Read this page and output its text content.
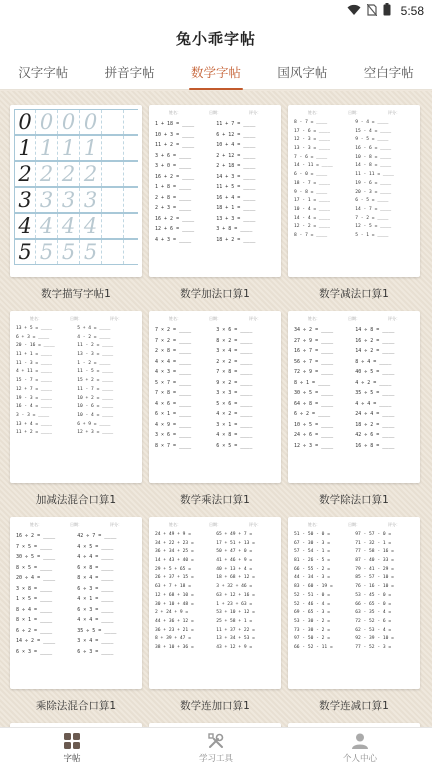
5:58
兔小乖字帖
汉字字帖	拼音字帖	数学字帖	国风字帖	空白字帖
0 0 0 0
1 1 1 1
2 2 2 2
3 3 3 3
4 4 4 4
5 5 5 5
数字描写字帖1
姓名：	日期：	评分：
1 + 18 = ____	11 + 7 = ____
10 + 3 = ____	6 + 12 = ____
11 + 2 = ____	10 + 4 = ____
3 + 6 = ____	2 + 12 = ____
3 + 0 = ____	2 + 18 = ____
16 + 2 = ____	14 + 3 = ____
1 + 8 = ____	11 + 5 = ____
2 + 8 = ____	16 + 4 = ____
2 + 3 = ____	18 + 1 = ____
16 + 2 = ____	13 + 3 = ____
12 + 6 = ____	3 + 8 = ____
4 + 3 = ____	18 + 2 = ____
数学加法口算1
姓名：	日期：	评分：
8 - 7 = ____	9 - 4 = ____
17 - 6 = ____	15 - 4 = ____
12 - 3 = ____	9 - 5 = ____
13 - 3 = ____	16 - 6 = ____
7 - 6 = ____	10 - 8 = ____
14 - 11 = ____	14 - 8 = ____
6 - 0 = ____	11 - 11 = ____
18 - 7 = ____	19 - 6 = ____
9 - 8 = ____	20 - 3 = ____
17 - 1 = ____	6 - 5 = ____
10 - 4 = ____	14 - 7 = ____
14 - 4 = ____	7 - 2 = ____
12 - 2 = ____	12 - 5 = ____
8 - 7 = ____	5 - 1 = ____
数学减法口算1
姓名：	日期：	评分：
13 + 5 = ____	5 + 4 = ____
6 + 3 = ____	4 - 2 = ____
20 - 16 = ____	11 - 2 = ____
11 + 1 = ____	13 - 3 = ____
11 - 3 = ____	1 - 2 = ____
4 + 11 = ____	11 - 5 = ____
15 - 7 = ____	15 + 2 = ____
12 + 7 = ____	11 - 7 = ____
19 - 3 = ____	10 + 2 = ____
16 - 4 = ____	10 - 6 = ____
3 - 3 = ____	10 - 4 = ____
13 + 4 = ____	6 + 9 = ____
11 + 2 = ____	12 + 3 = ____
加减法混合口算1
姓名：	日期：	评分：
7 × 2 = ____	3 × 6 = ____
7 × 2 = ____	8 × 2 = ____
2 × 8 = ____	3 × 4 = ____
4 × 4 = ____	2 × 2 = ____
4 × 3 = ____	7 × 8 = ____
5 × 7 = ____	9 × 2 = ____
7 × 8 = ____	3 × 3 = ____
4 × 6 = ____	5 × 6 = ____
6 × 1 = ____	4 × 2 = ____
4 × 9 = ____	3 × 1 = ____
3 × 6 = ____	4 × 8 = ____
8 × 7 = ____	6 × 5 = ____
数学乘法口算1
姓名：	日期：	评分：
34 ÷ 2 = ____	14 ÷ 8 = ____
27 ÷ 9 = ____	16 ÷ 2 = ____
16 ÷ 7 = ____	14 ÷ 2 = ____
56 ÷ 7 = ____	8 ÷ 4 = ____
72 ÷ 9 = ____	40 ÷ 5 = ____
8 ÷ 1 = ____	4 ÷ 2 = ____
30 ÷ 5 = ____	35 ÷ 5 = ____
64 ÷ 8 = ____	4 ÷ 4 = ____
6 ÷ 2 = ____	24 ÷ 4 = ____
10 ÷ 5 = ____	18 ÷ 2 = ____
24 ÷ 6 = ____	42 ÷ 6 = ____
12 ÷ 3 = ____	16 ÷ 8 = ____
数学除法口算1
姓名：	日期：	评分：
16 ÷ 2 = ____	42 ÷ 7 = ____
7 × 5 = ____	4 × 5 = ____
30 ÷ 5 = ____	4 ÷ 4 = ____
8 × 5 = ____	6 × 8 = ____
20 ÷ 4 = ____	8 × 4 = ____
3 × 8 = ____	6 ÷ 3 = ____
1 × 5 = ____	4 × 1 = ____
8 ÷ 4 = ____	6 × 3 = ____
8 × 1 = ____	4 × 4 = ____
6 ÷ 2 = ____	35 ÷ 5 = ____
14 ÷ 2 = ____	3 × 4 = ____
6 × 3 = ____	6 ÷ 3 = ____
乘除法混合口算1
姓名：	日期：	评分：
24 + 49 + 9 =	65 + 49 + 7 =
34 + 22 + 23 =	17 + 51 + 13 =
36 + 34 + 25 =	50 + 47 + 0 =
14 + 43 + 40 =	41 + 46 + 9 =
29 + 5 + 65 =	40 + 13 + 4 =
26 + 37 + 15 =	18 + 68 + 12 =
63 + 7 + 18 =	3 + 32 + 46 =
12 + 68 + 10 =	63 + 12 + 16 =
30 + 10 + 48 =	1 + 23 + 63 =
2 + 24 + 9 =	53 + 10 + 12 =
44 + 36 + 12 =	25 + 58 + 1 =
36 + 23 + 21 =	11 + 37 + 22 =
8 + 39 + 47 =	13 + 34 + 53 =
38 + 10 + 36 =	43 + 12 + 9 =
数学连加口算1
姓名：	日期：	评分：
51 - 50 - 0 =	97 - 57 - 0 =
67 - 30 - 3 =	71 - 32 - 1 =
57 - 54 - 1 =	77 - 58 - 16 =
81 - 26 - 5 =	87 - 40 - 33 =
66 - 55 - 2 =	79 - 41 - 29 =
44 - 34 - 3 =	85 - 57 - 10 =
83 - 60 - 19 =	76 - 16 - 10 =
52 - 51 - 0 =	53 - 45 - 0 =
52 - 46 - 4 =	66 - 65 - 0 =
69 - 65 - 3 =	63 - 35 - 4 =
53 - 30 - 2 =	72 - 52 - 6 =
73 - 30 - 2 =	62 - 53 - 4 =
97 - 50 - 2 =	92 - 39 - 10 =
66 - 52 - 11 =	77 - 52 - 3 =
数学连减口算1
字帖	学习工具	个人中心
